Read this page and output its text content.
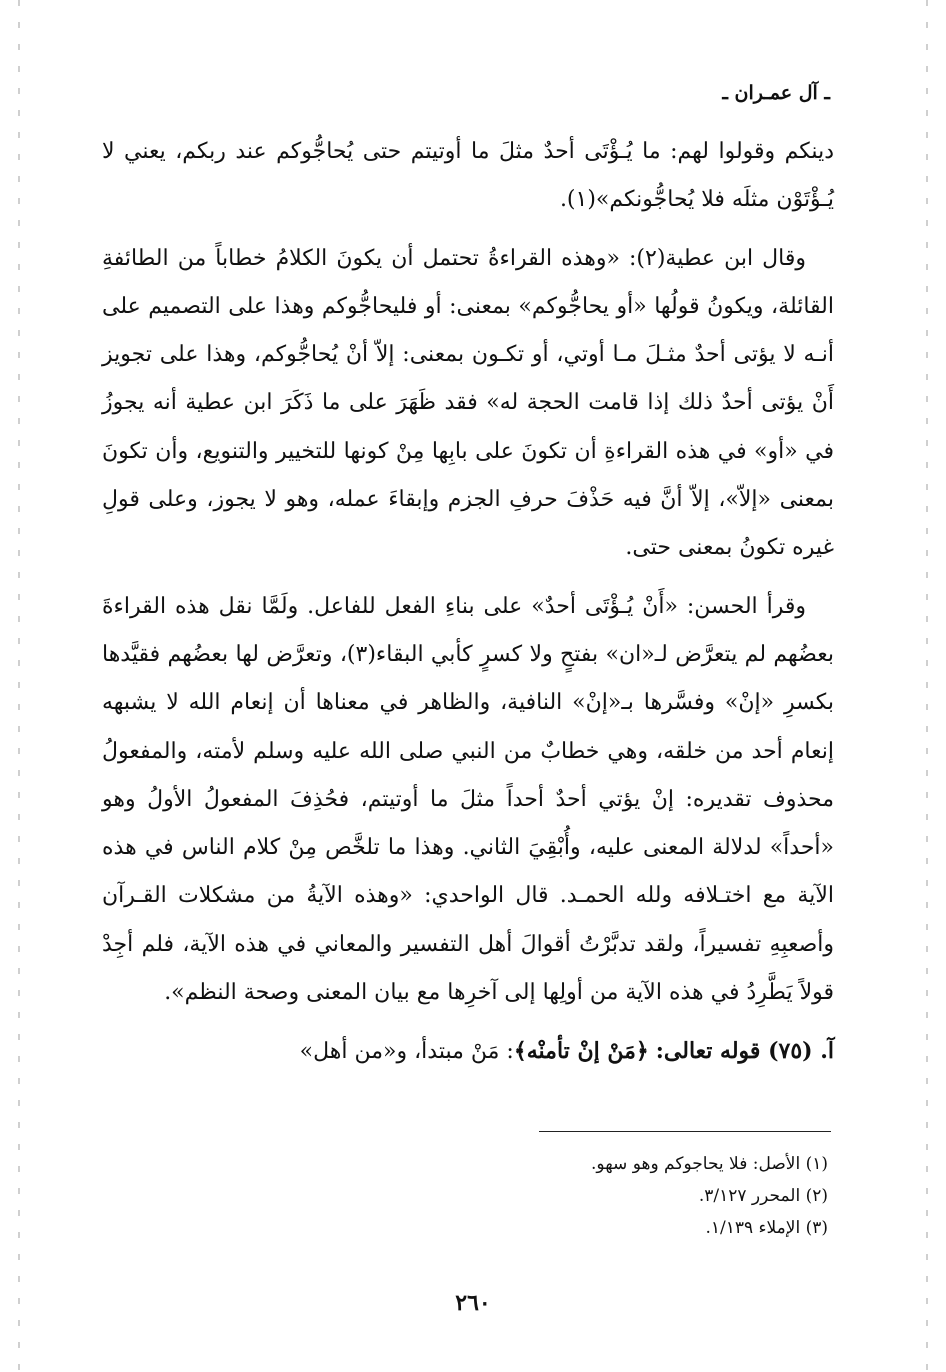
ـ آل عمـران ـ

دينكم وقولوا لهم: ما يُـؤْتَى أحدٌ مثلَ ما أوتيتم حتى يُحاجُّوكم عند ربكم، يعني لا يُـؤْتَوْن مثلَه فلا يُحاجُّونكم»(١).

وقال ابن عطية(٢): «وهذه القراءةُ تحتمل أن يكونَ الكلامُ خطاباً من الطائفةِ القائلة، ويكونُ قولُها «أو يحاجُّوكم» بمعنى: أو فليحاجُّوكم وهذا على التصميم على أنـه لا يؤتى أحدٌ مثـلَ مـا أوتي، أو تكـون بمعنى: إلاّ أنْ يُحاجُّوكم، وهذا على تجويز أَنْ يؤتى أحدٌ ذلك إذا قامت الحجة له» فقد ظَهَرَ على ما ذَكَرَ ابن عطية أنه يجوزُ في «أو» في هذه القراءةِ أن تكونَ على بابِها مِنْ كونها للتخيير والتنويع، وأن تكونَ بمعنى «إلاّ»، إلاّ أنَّ فيه حَذْفَ حرفِ الجزم وإبقاءَ عمله، وهو لا يجوز، وعلى قولِ غيره تكونُ بمعنى حتى.

وقرأ الحسن: «أَنْ يُـؤْتَى أحدٌ» على بناءِ الفعل للفاعل. ولَمَّا نقل هذه القراءةَ بعضُهم لم يتعرَّض لـ«ان» بفتحٍ ولا كسرٍ كأبي البقاء(٣)، وتعرَّض لها بعضُهم فقيَّدها بكسرِ «إنْ» وفسَّرها بـ«إنْ» النافية، والظاهر في معناها أن إنعام الله لا يشبهه إنعام أحد من خلقه، وهي خطابٌ من النبي صلى الله عليه وسلم لأمته، والمفعولُ محذوف تقديره: إنْ يؤتي أحدٌ أحداً مثلَ ما أوتيتم، فحُذِفَ المفعولُ الأولُ وهو «أحداً» لدلالة المعنى عليه، وأُبْقِيَ الثاني. وهذا ما تلخَّص مِنْ كلام الناس في هذه الآية مع اختـلافه ولله الحمـد. قال الواحدي: «وهذه الآيةُ من مشكلات القـرآن وأصعبِهِ تفسيراً، ولقد تدبَّرْتُ أقوالَ أهل التفسير والمعاني في هذه الآية، فلم أجِدْ قولاً يَطَّرِدُ في هذه الآية من أولِها إلى آخرِها مع بيان المعنى وصحة النظم».

آ. (٧٥) قوله تعالى: ﴿مَنْ إنْ تأمنْه﴾: مَنْ مبتدأ، و«من أهل»

(١) الأصل: فلا يحاجوكم وهو سهو.

(٢) المحرر ٣/١٢٧.

(٣) الإملاء ١/١٣٩.

٢٦٠
